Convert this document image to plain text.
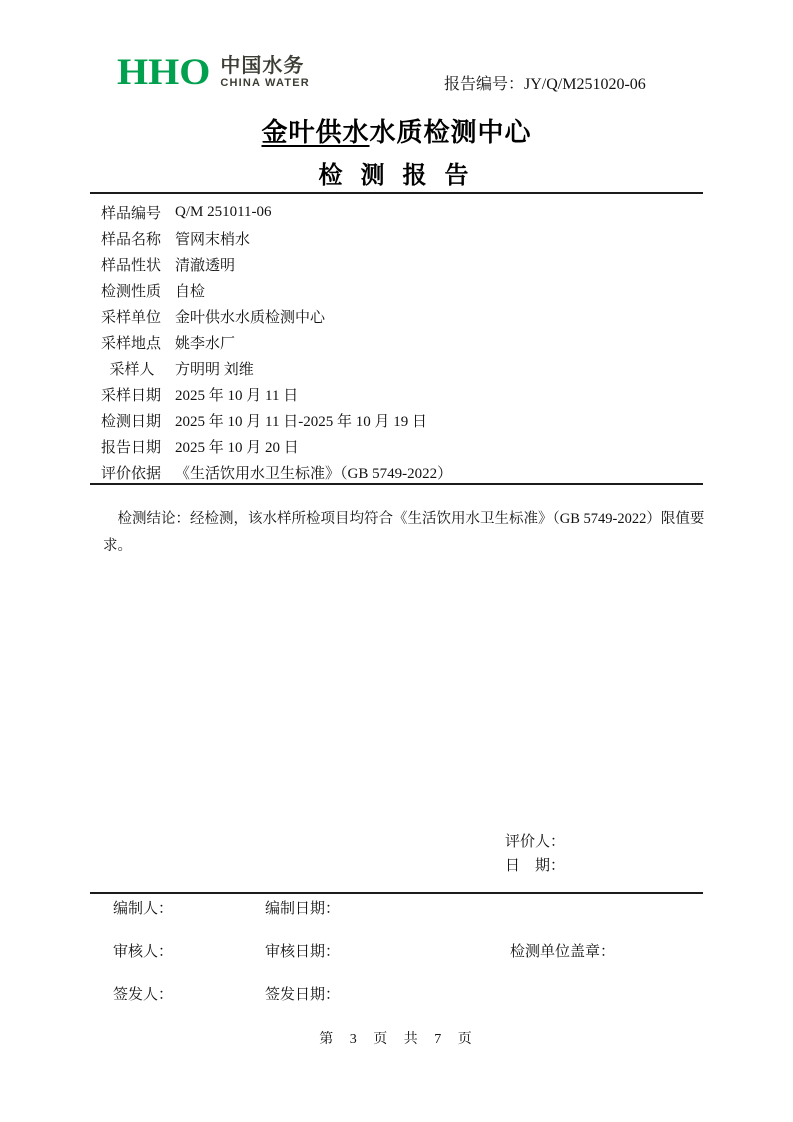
HHO 中国水务
CHINA WATER	报告编号：JY/Q/M251020-06
金叶供水水质检测中心
检 测 报 告
样品编号 Q/M 251011-06
样品名称 管网末梢水
样品性状 清澈透明
检测性质 自检
采样单位 金叶供水水质检测中心
采样地点 姚李水厂
采样人	方明明 刘维
采样日期 2025 年 10 月 11 日
检测日期 2025 年 10 月 11 日-2025 年 10 月 19 日
报告日期 2025 年 10 月 20 日
评价依据 《生活饮用水卫生标准》（GB 5749-2022）
检测结论：经检测，该水样所检项目均符合《生活饮用水卫生标准》（GB 5749-2022）限值要求。
评价人：
日　期：
编制人：	编制日期：
审核人：	审核日期：	检测单位盖章：
签发人：	签发日期：
第 3 页 共 7 页
